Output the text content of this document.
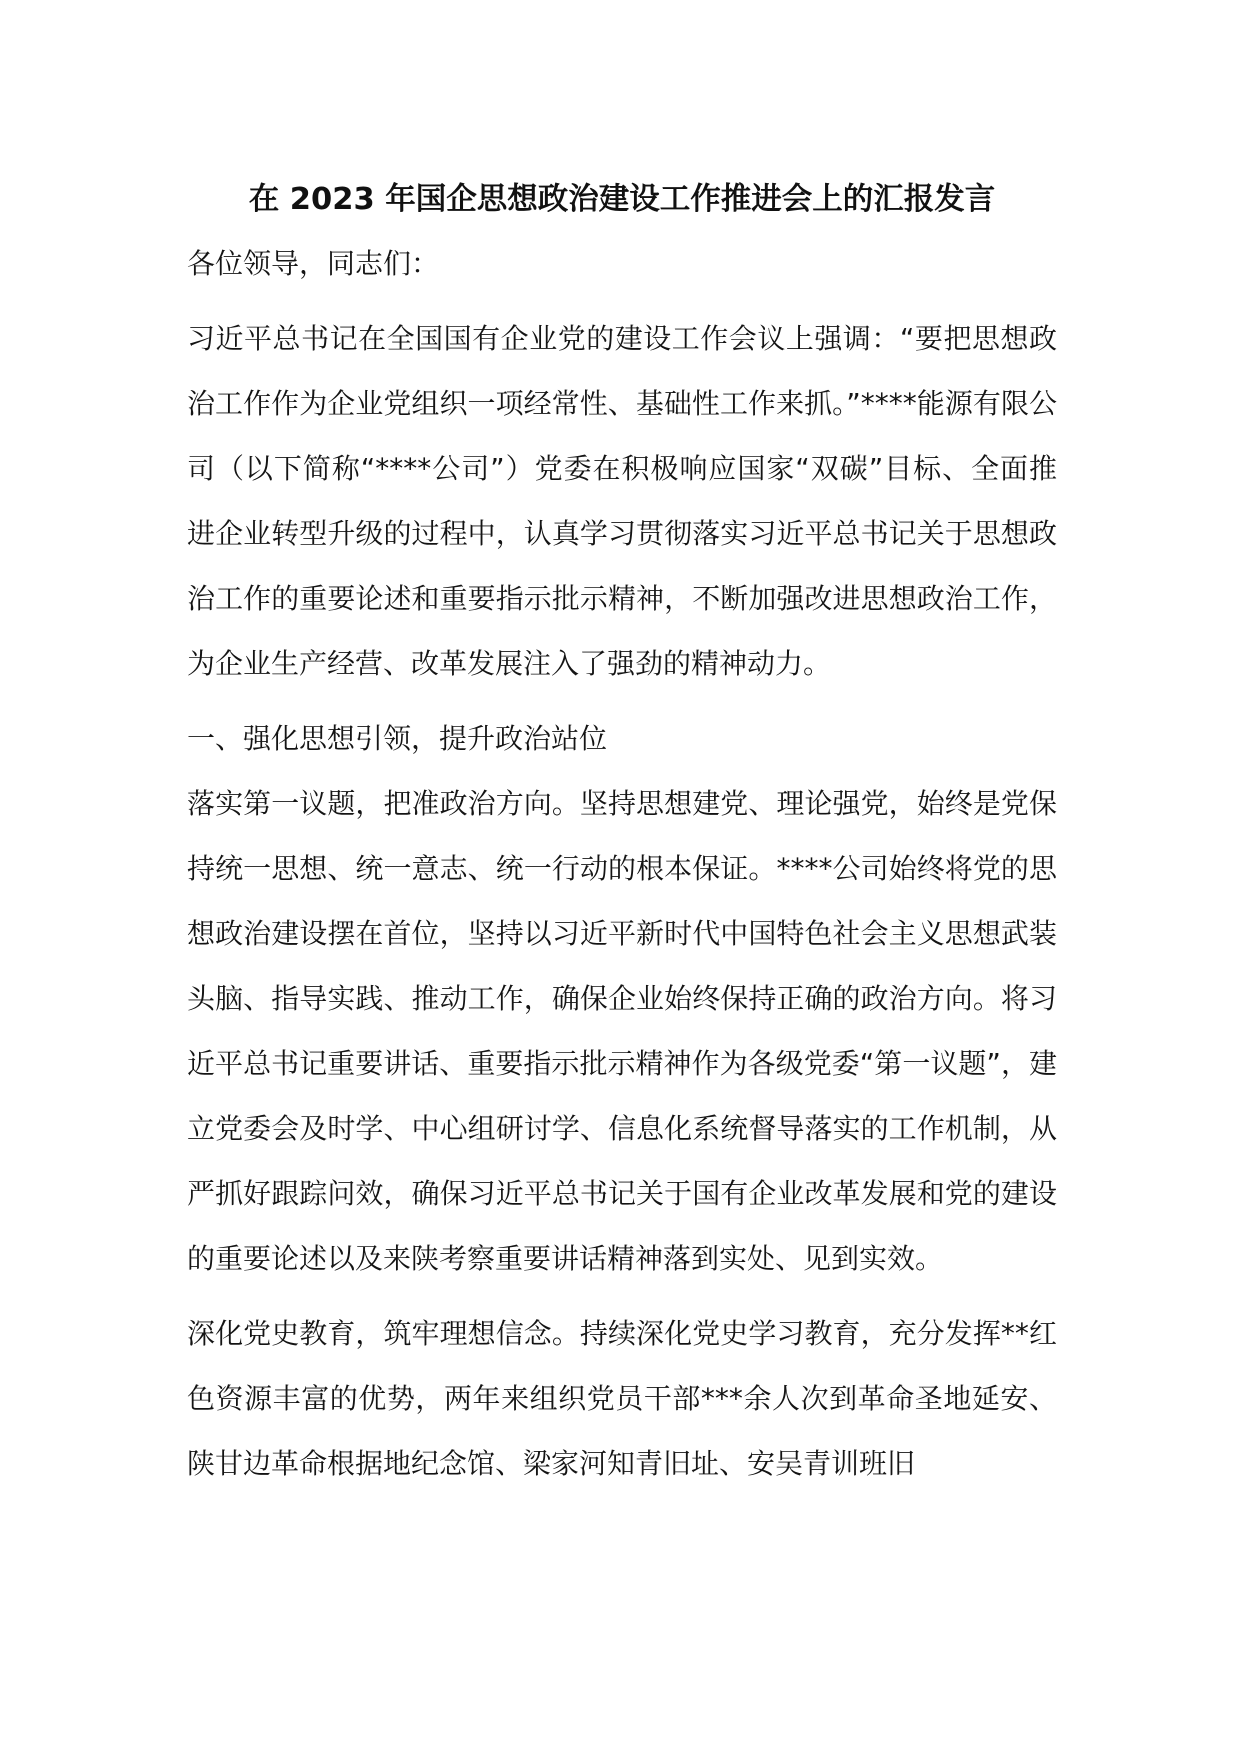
在 2023 年国企思想政治建设工作推进会上的汇报发言

各位领导，同志们：

习近平总书记在全国国有企业党的建设工作会议上强调：“要把思想政治工作作为企业党组织一项经常性、基础性工作来抓。”****能源有限公司（以下简称“****公司”）党委在积极响应国家“双碳”目标、全面推进企业转型升级的过程中，认真学习贯彻落实习近平总书记关于思想政治工作的重要论述和重要指示批示精神，不断加强改进思想政治工作，为企业生产经营、改革发展注入了强劲的精神动力。

一、强化思想引领，提升政治站位

落实第一议题，把准政治方向。坚持思想建党、理论强党，始终是党保持统一思想、统一意志、统一行动的根本保证。****公司始终将党的思想政治建设摆在首位，坚持以习近平新时代中国特色社会主义思想武装头脑、指导实践、推动工作，确保企业始终保持正确的政治方向。将习近平总书记重要讲话、重要指示批示精神作为各级党委“第一议题”，建立党委会及时学、中心组研讨学、信息化系统督导落实的工作机制，从严抓好跟踪问效，确保习近平总书记关于国有企业改革发展和党的建设的重要论述以及来陕考察重要讲话精神落到实处、见到实效。

深化党史教育，筑牢理想信念。持续深化党史学习教育，充分发挥**红色资源丰富的优势，两年来组织党员干部***余人次到革命圣地延安、陕甘边革命根据地纪念馆、梁家河知青旧址、安吴青训班旧
